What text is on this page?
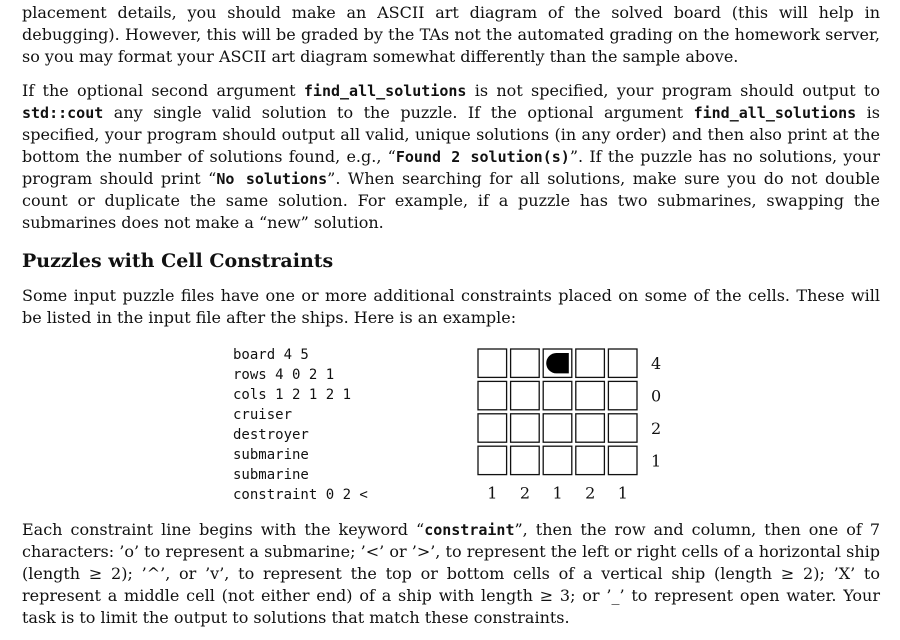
placement details, you should make an ASCII art diagram of the solved board (this will help in debugging). However, this will be graded by the TAs not the automated grading on the homework server, so you may format your ASCII art diagram somewhat differently than the sample above.

If the optional second argument find_all_solutions is not specified, your program should output to std::cout any single valid solution to the puzzle. If the optional argument find_all_solutions is specified, your program should output all valid, unique solutions (in any order) and then also print at the bottom the number of solutions found, e.g., “Found 2 solution(s)”. If the puzzle has no solutions, your program should print “No solutions”. When searching for all solutions, make sure you do not double count or duplicate the same solution. For example, if a puzzle has two submarines, swapping the submarines does not make a “new” solution.

Puzzles with Cell Constraints

Some input puzzle files have one or more additional constraints placed on some of the cells. These will be listed in the input file after the ships. Here is an example:

board 4 5
rows 4 0 2 1
cols 1 2 1 2 1
cruiser
destroyer
submarine
submarine
constraint 0 2 <
4
0
2
1
1 2 1 2 1

Each constraint line begins with the keyword “constraint”, then the row and column, then one of 7 characters: ’o’ to represent a submarine; ’<’ or ’>’, to represent the left or right cells of a horizontal ship (length ≥ 2); ’^’, or ’v’, to represent the top or bottom cells of a vertical ship (length ≥ 2); ’X’ to represent a middle cell (not either end) of a ship with length ≥ 3; or ’_’ to represent open water. Your task is to limit the output to solutions that match these constraints.
